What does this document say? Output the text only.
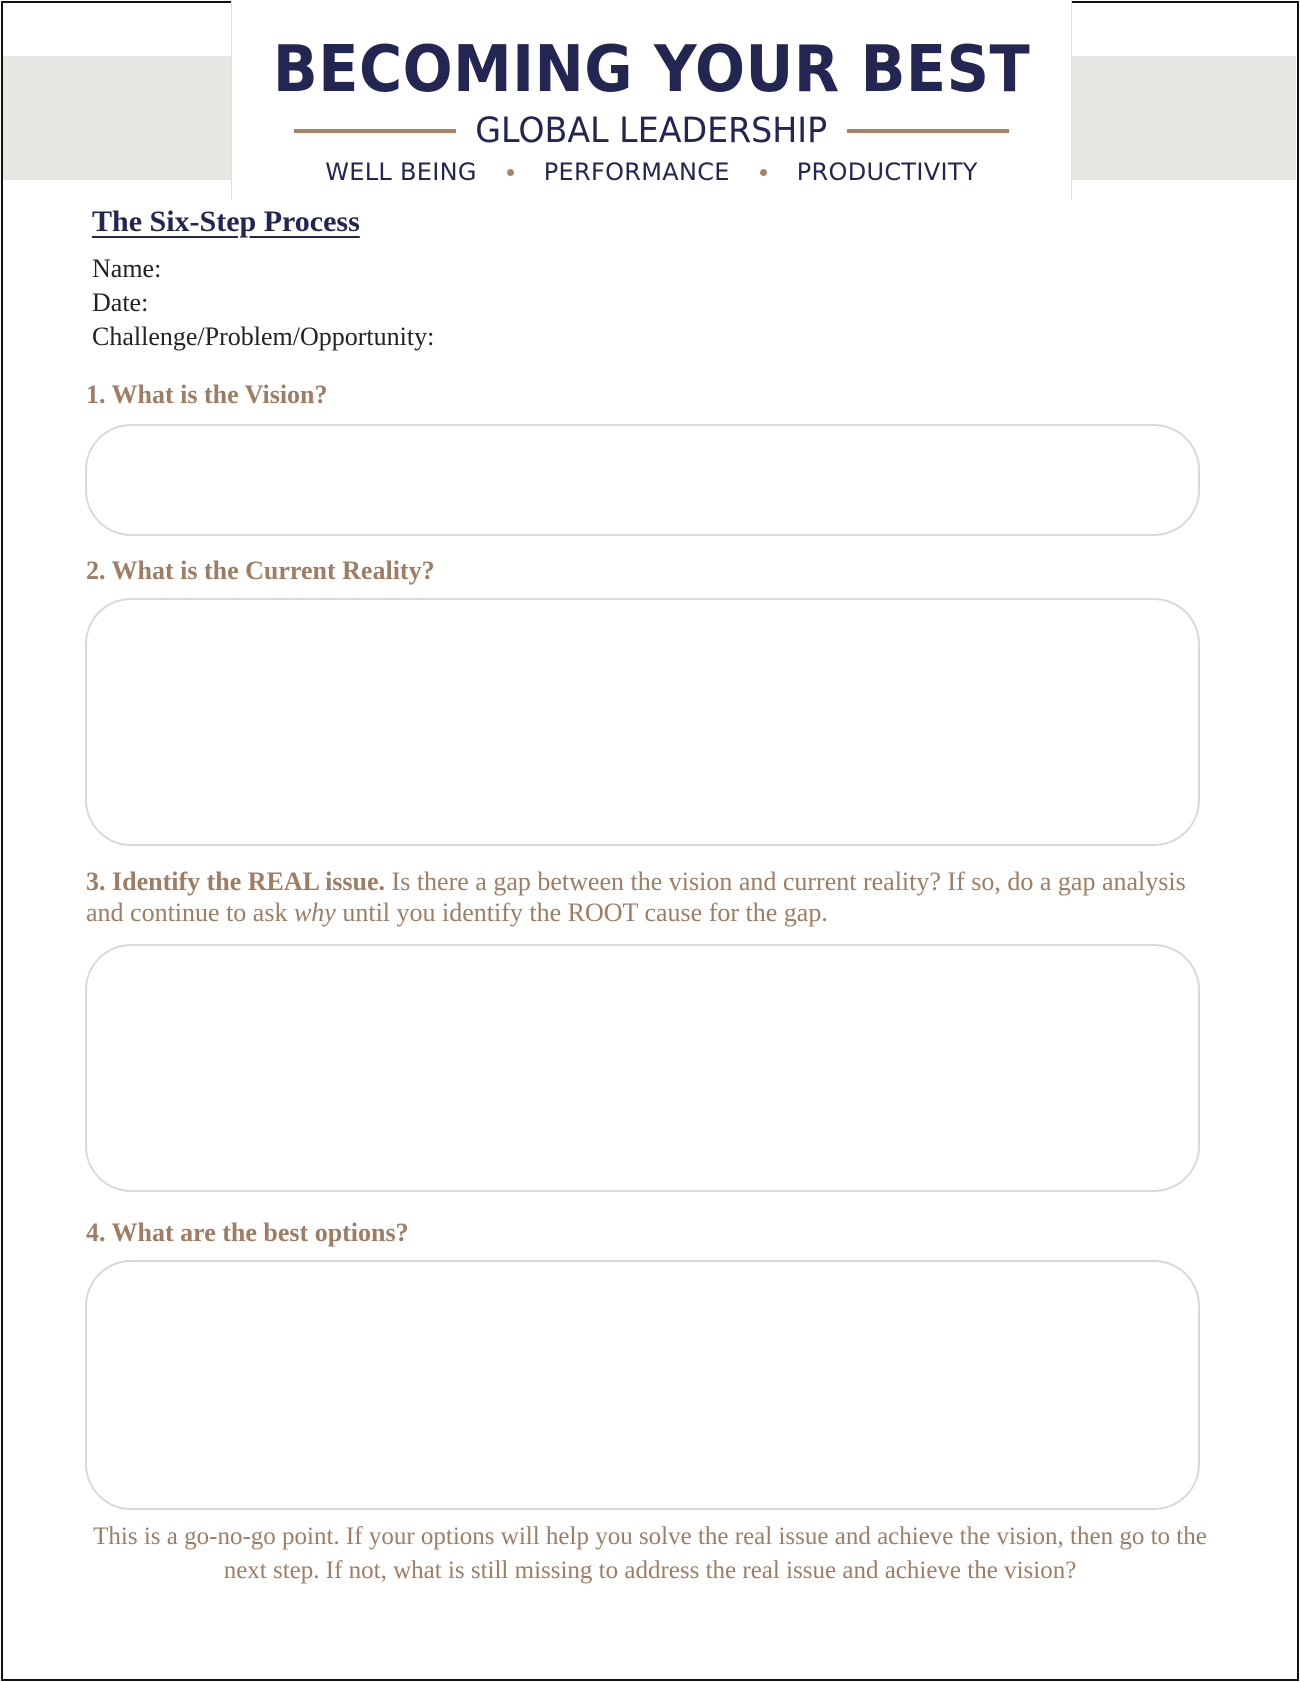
BECOMING YOUR BEST
GLOBAL LEADERSHIP
WELL BEING	PERFORMANCE	PRODUCTIVITY
The Six-Step Process
Name:
Date:
Challenge/Problem/Opportunity:
1. What is the Vision?
2. What is the Current Reality?
3. Identify the REAL issue. Is there a gap between the vision and current reality? If so, do a gap analysis and continue to ask why until you identify the ROOT cause for the gap.
4. What are the best options?
This is a go-no-go point. If your options will help you solve the real issue and achieve the vision, then go to the next step. If not, what is still missing to address the real issue and achieve the vision?
